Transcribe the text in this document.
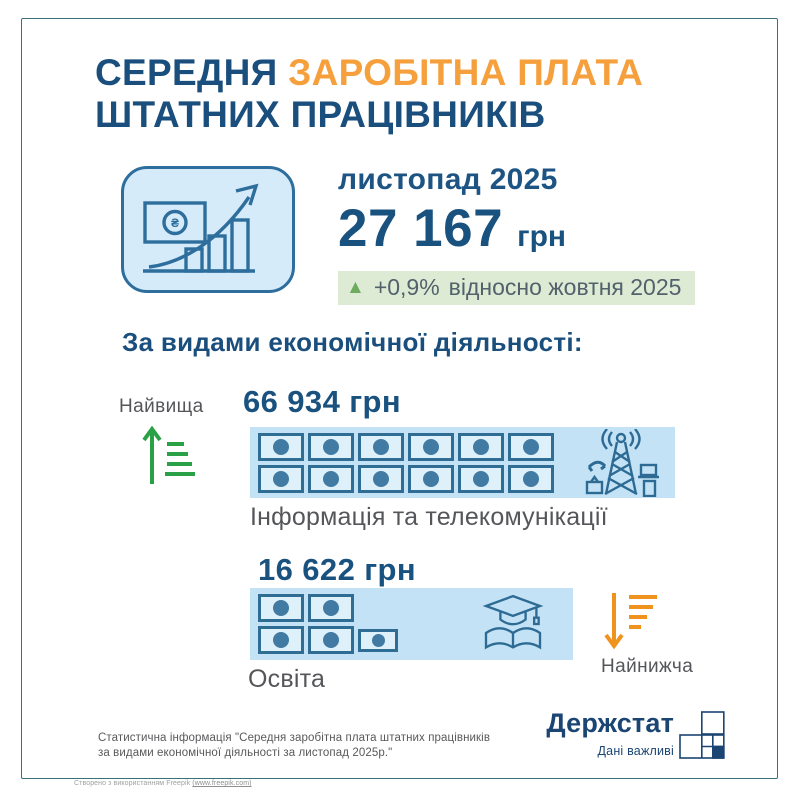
СЕРЕДНЯ ЗАРОБІТНА ПЛАТА
ШТАТНИХ ПРАЦІВНИКІВ
₴
листопад 2025
27 167 грн
▲ +0,9% відносно жовтня 2025
За видами економічної діяльності:
Найвища 66 934 грн
Інформація та телекомунікації
16 622 грн
Освіта	Найнижча
Статистична інформація "Середня заробітна плата штатних працівників
за видами економічної діяльності за листопад 2025р."
Держстат
Дані важливі
Створено з використанням Freepik (www.freepik.com)
